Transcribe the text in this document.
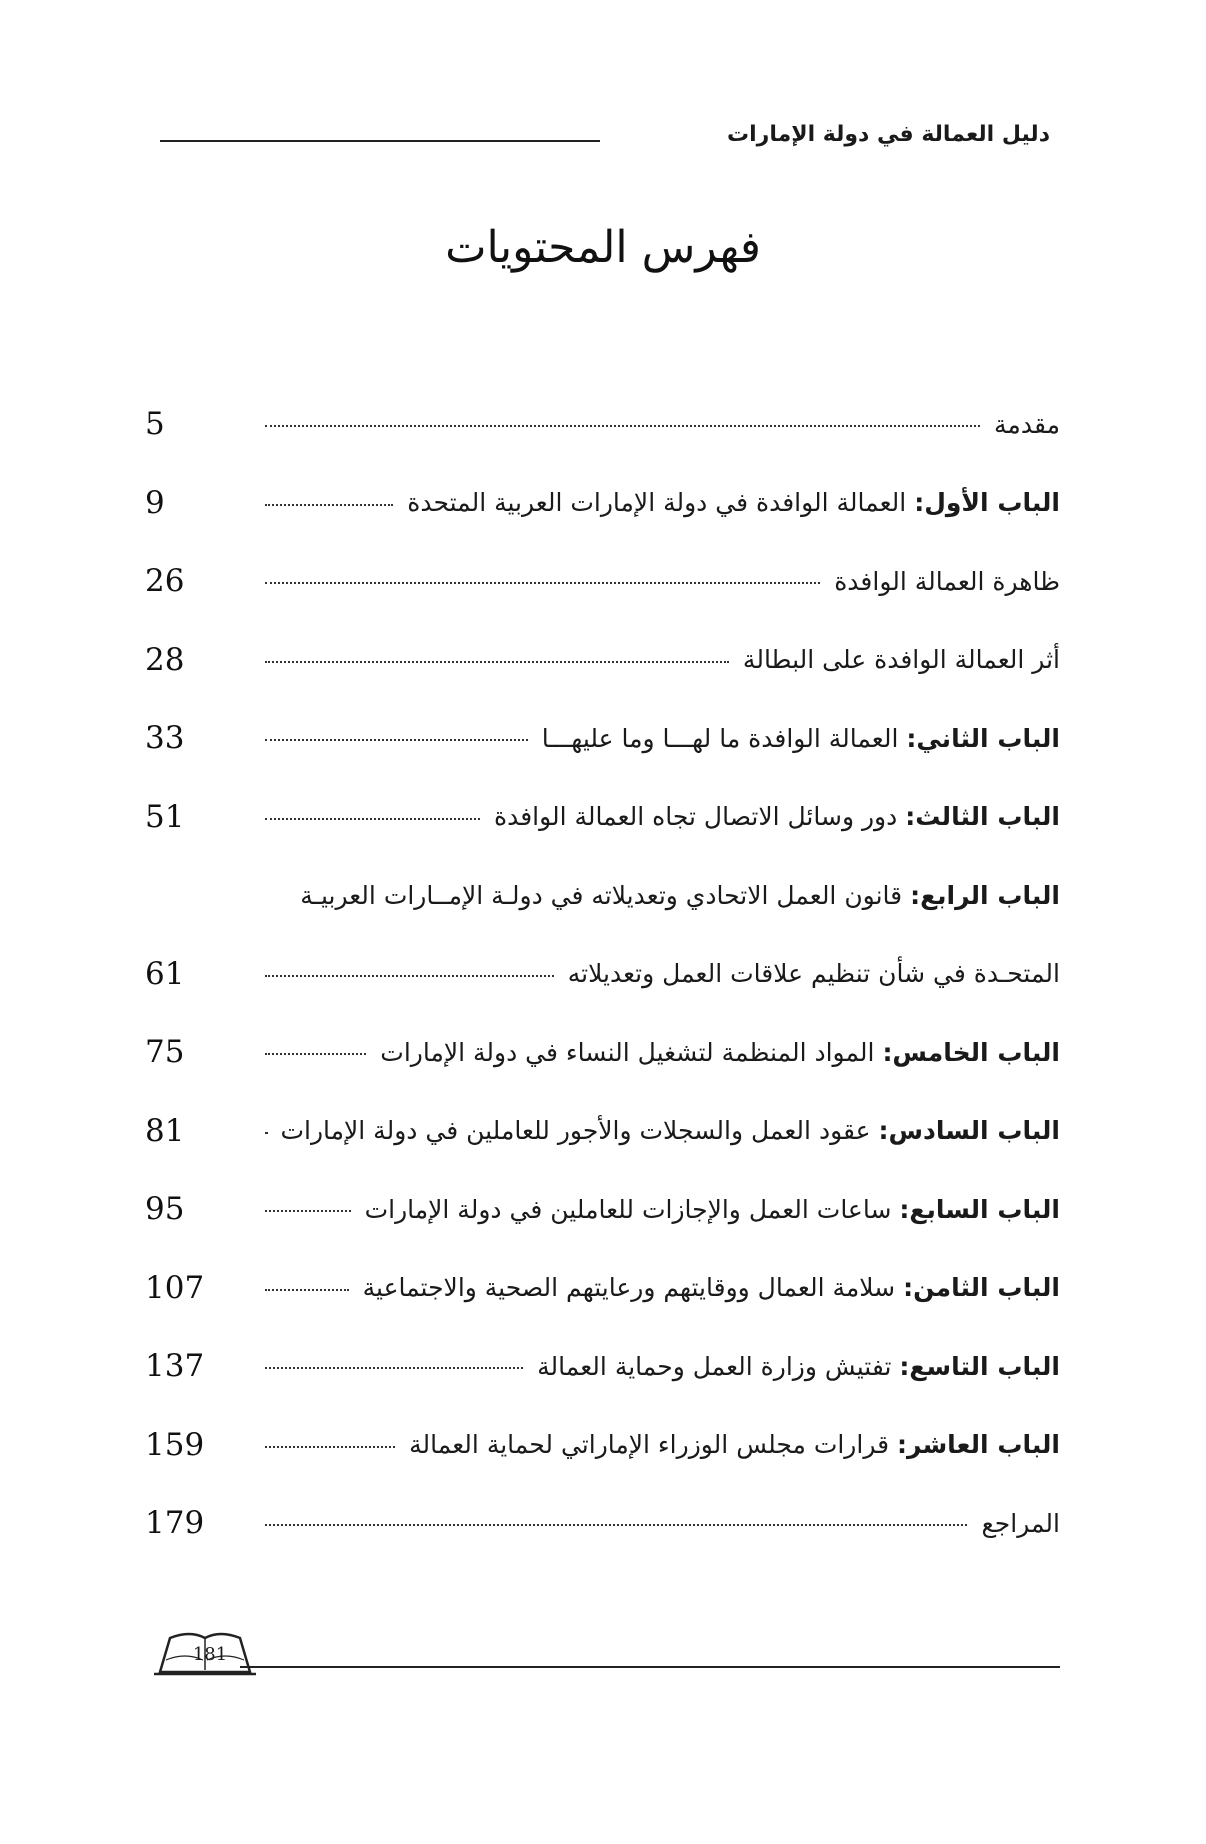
دليل العمالة في دولة الإمارات
فهرس المحتويات
5	مقدمة
9	الباب الأول: العمالة الوافدة في دولة الإمارات العربية المتحدة
26	ظاهرة العمالة الوافدة
28	أثر العمالة الوافدة على البطالة
33	الباب الثاني: العمالة الوافدة ما لهـــا وما عليهـــا
51	الباب الثالث: دور وسائل الاتصال تجاه العمالة الوافدة
الباب الرابع: قانون العمل الاتحادي وتعديلاته في دولـة الإمــارات العربيـة
61	المتحـدة في شأن تنظيم علاقات العمل وتعديلاته
75	الباب الخامس: المواد المنظمة لتشغيل النساء في دولة الإمارات
81	الباب السادس: عقود العمل والسجلات والأجور للعاملين في دولة الإمارات
95	الباب السابع: ساعات العمل والإجازات للعاملين في دولة الإمارات
107	الباب الثامن: سلامة العمال ووقايتهم ورعايتهم الصحية والاجتماعية
137	الباب التاسع: تفتيش وزارة العمل وحماية العمالة
159	الباب العاشر: قرارات مجلس الوزراء الإماراتي لحماية العمالة
179	المراجع
181
